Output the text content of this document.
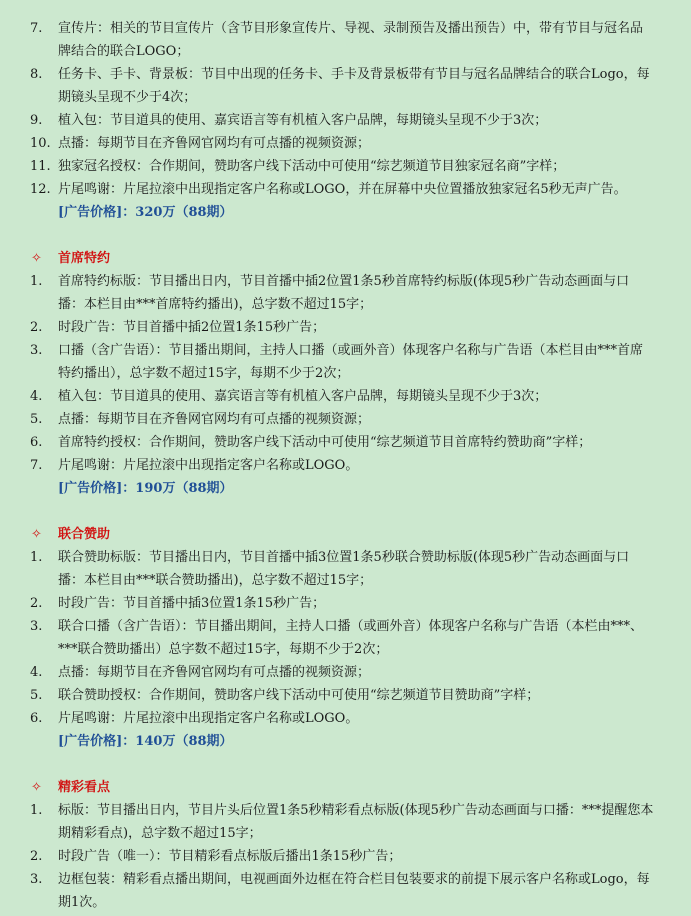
7.	宣传片：相关的节目宣传片（含节目形象宣传片、导视、录制预告及播出预告）中，带有节目与冠名品牌结合的联合LOGO；
8.	任务卡、手卡、背景板：节目中出现的任务卡、手卡及背景板带有节目与冠名品牌结合的联合Logo，每期镜头呈现不少于4次；
9.	植入包：节目道具的使用、嘉宾语言等有机植入客户品牌，每期镜头呈现不少于3次；
10. 点播：每期节目在齐鲁网官网均有可点播的视频资源；
11. 独家冠名授权：合作期间，赞助客户线下活动中可使用“综艺频道节目独家冠名商”字样；
12. 片尾鸣谢：片尾拉滚中出现指定客户名称或LOGO，并在屏幕中央位置播放独家冠名5秒无声广告。
[广告价格]：320万（88期）
✧ 首席特约
1.	首席特约标版：节目播出日内，节目首播中插2位置1条5秒首席特约标版(体现5秒广告动态画面与口播：本栏目由***首席特约播出)，总字数不超过15字；
2.	时段广告：节目首播中插2位置1条15秒广告；
3.	口播（含广告语）：节目播出期间，主持人口播（或画外音）体现客户名称与广告语（本栏目由***首席特约播出），总字数不超过15字，每期不少于2次；
4.	植入包：节目道具的使用、嘉宾语言等有机植入客户品牌，每期镜头呈现不少于3次；
5.	点播：每期节目在齐鲁网官网均有可点播的视频资源；
6.	首席特约授权：合作期间，赞助客户线下活动中可使用“综艺频道节目首席特约赞助商”字样；
7.	片尾鸣谢：片尾拉滚中出现指定客户名称或LOGO。
[广告价格]：190万（88期）
✧ 联合赞助
1.	联合赞助标版：节目播出日内，节目首播中插3位置1条5秒联合赞助标版(体现5秒广告动态画面与口播：本栏目由***联合赞助播出)，总字数不超过15字；
2.	时段广告：节目首播中插3位置1条15秒广告；
3.	联合口播（含广告语）：节目播出期间，主持人口播（或画外音）体现客户名称与广告语（本栏由***、***联合赞助播出）总字数不超过15字，每期不少于2次；
4.	点播：每期节目在齐鲁网官网均有可点播的视频资源；
5.	联合赞助授权：合作期间，赞助客户线下活动中可使用“综艺频道节目赞助商”字样；
6.	片尾鸣谢：片尾拉滚中出现指定客户名称或LOGO。
[广告价格]：140万（88期）
✧ 精彩看点
1.	标版：节目播出日内，节目片头后位置1条5秒精彩看点标版(体现5秒广告动态画面与口播：***提醒您本期精彩看点)，总字数不超过15字；
2.	时段广告（唯一）：节目精彩看点标版后播出1条15秒广告；
3.	边框包装：精彩看点播出期间，电视画面外边框在符合栏目包装要求的前提下展示客户名称或Logo，每期1次。
